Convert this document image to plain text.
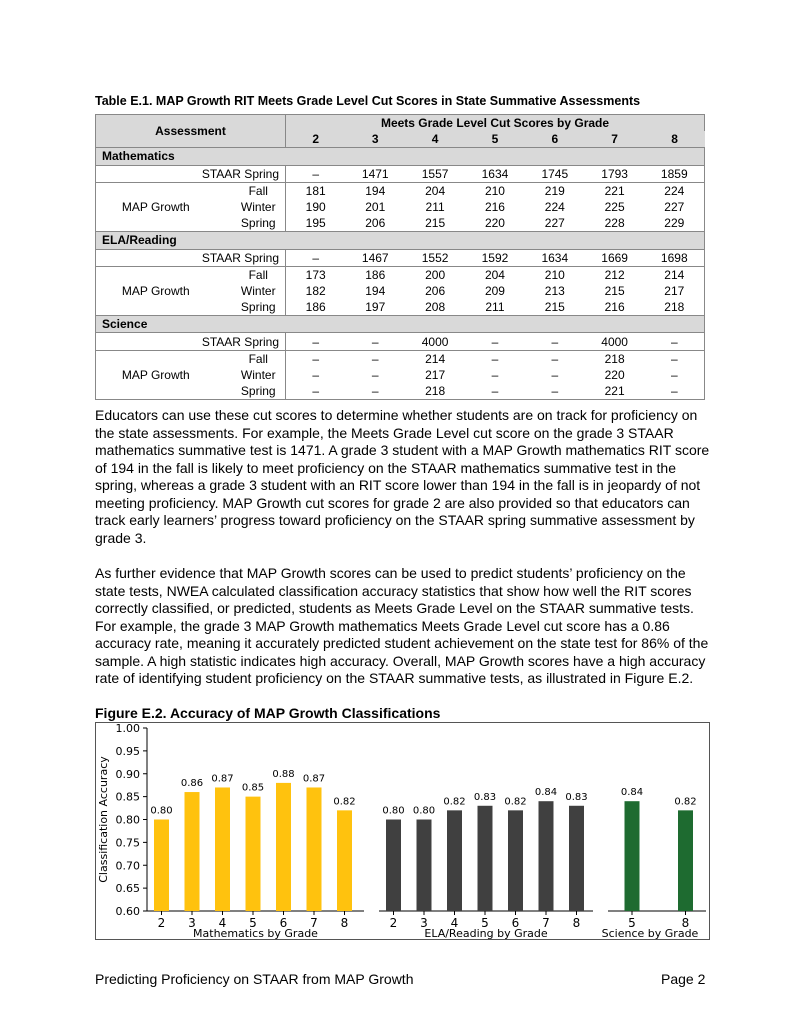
Table E.1. MAP Growth RIT Meets Grade Level Cut Scores in State Summative Assessments
Assessment		Meets Grade Level Cut Scores by Grade						
		2	3	4	5	6	7	8
Mathematics								
STAAR Spring		–	1471	1557	1634	1745	1793	1859
MAP Growth	Fall	181	194	204	210	219	221	224
	Winter	190	201	211	216	224	225	227
	Spring	195	206	215	220	227	228	229
ELA/Reading								
STAAR Spring		–	1467	1552	1592	1634	1669	1698
MAP Growth	Fall	173	186	200	204	210	212	214
	Winter	182	194	206	209	213	215	217
	Spring	186	197	208	211	215	216	218
Science								
STAAR Spring		–	–	4000	–	–	4000	–
MAP Growth	Fall	–	–	214	–	–	218	–
	Winter	–	–	217	–	–	220	–
	Spring	–	–	218	–	–	221	–
Educators can use these cut scores to determine whether students are on track for proficiency on the state assessments. For example, the Meets Grade Level cut score on the grade 3 STAAR mathematics summative test is 1471. A grade 3 student with a MAP Growth mathematics RIT score of 194 in the fall is likely to meet proficiency on the STAAR mathematics summative test in the spring, whereas a grade 3 student with an RIT score lower than 194 in the fall is in jeopardy of not meeting proficiency. MAP Growth cut scores for grade 2 are also provided so that educators can track early learners’ progress toward proficiency on the STAAR spring summative assessment by grade 3.
As further evidence that MAP Growth scores can be used to predict students’ proficiency on the state tests, NWEA calculated classification accuracy statistics that show how well the RIT scores correctly classified, or predicted, students as Meets Grade Level on the STAAR summative tests. For example, the grade 3 MAP Growth mathematics Meets Grade Level cut score has a 0.86 accuracy rate, meaning it accurately predicted student achievement on the state test for 86% of the sample. A high statistic indicates high accuracy. Overall, MAP Growth scores have a high accuracy rate of identifying student proficiency on the STAAR summative tests, as illustrated in Figure E.2.
Figure E.2. Accuracy of MAP Growth Classifications
0.60
0.65
0.70
0.75
0.80
0.85
0.90
0.95
1.00
Classification Accuracy	0.80
2
0.86
3
0.87
4
0.85
5
0.88
6
0.87
7
0.82
8
Mathematics by Grade
0.80
2
0.80
3
0.82
4
0.83
5
0.82
6
0.84
7
0.83
8
ELA/Reading by Grade
0.84
5
0.82
8
Science by Grade
Predicting Proficiency on STAAR from MAP Growth	Page 2
